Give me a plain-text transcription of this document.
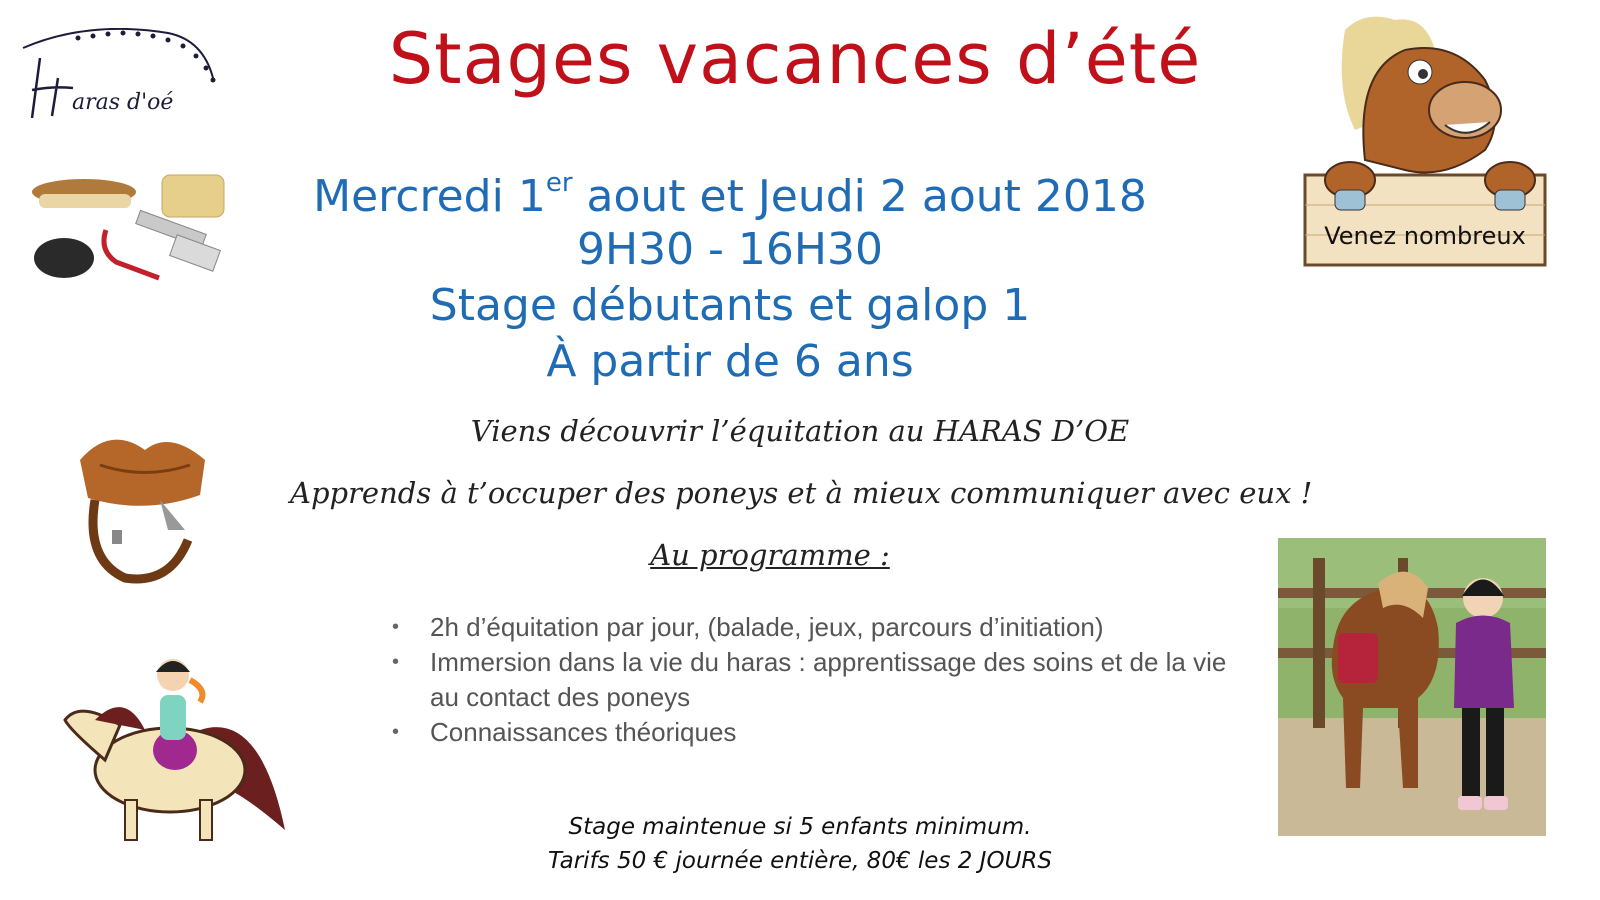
aras d'oé
Stages vacances d’été
Mercredi 1er aout et Jeudi 2 aout 2018
9H30 - 16H30
Stage débutants et galop 1
À partir de 6 ans
Viens découvrir l’équitation au HARAS D’OE
Apprends à t’occuper des poneys et à mieux communiquer avec eux !
Au programme :
• 2h d’équitation par jour, (balade, jeux, parcours d’initiation)
• Immersion dans la vie du haras : apprentissage des soins et de la vie au contact des poneys
• Connaissances théoriques
Stage maintenue si 5 enfants minimum.
Tarifs 50 € journée entière, 80€ les 2 JOURS
Venez nombreux
